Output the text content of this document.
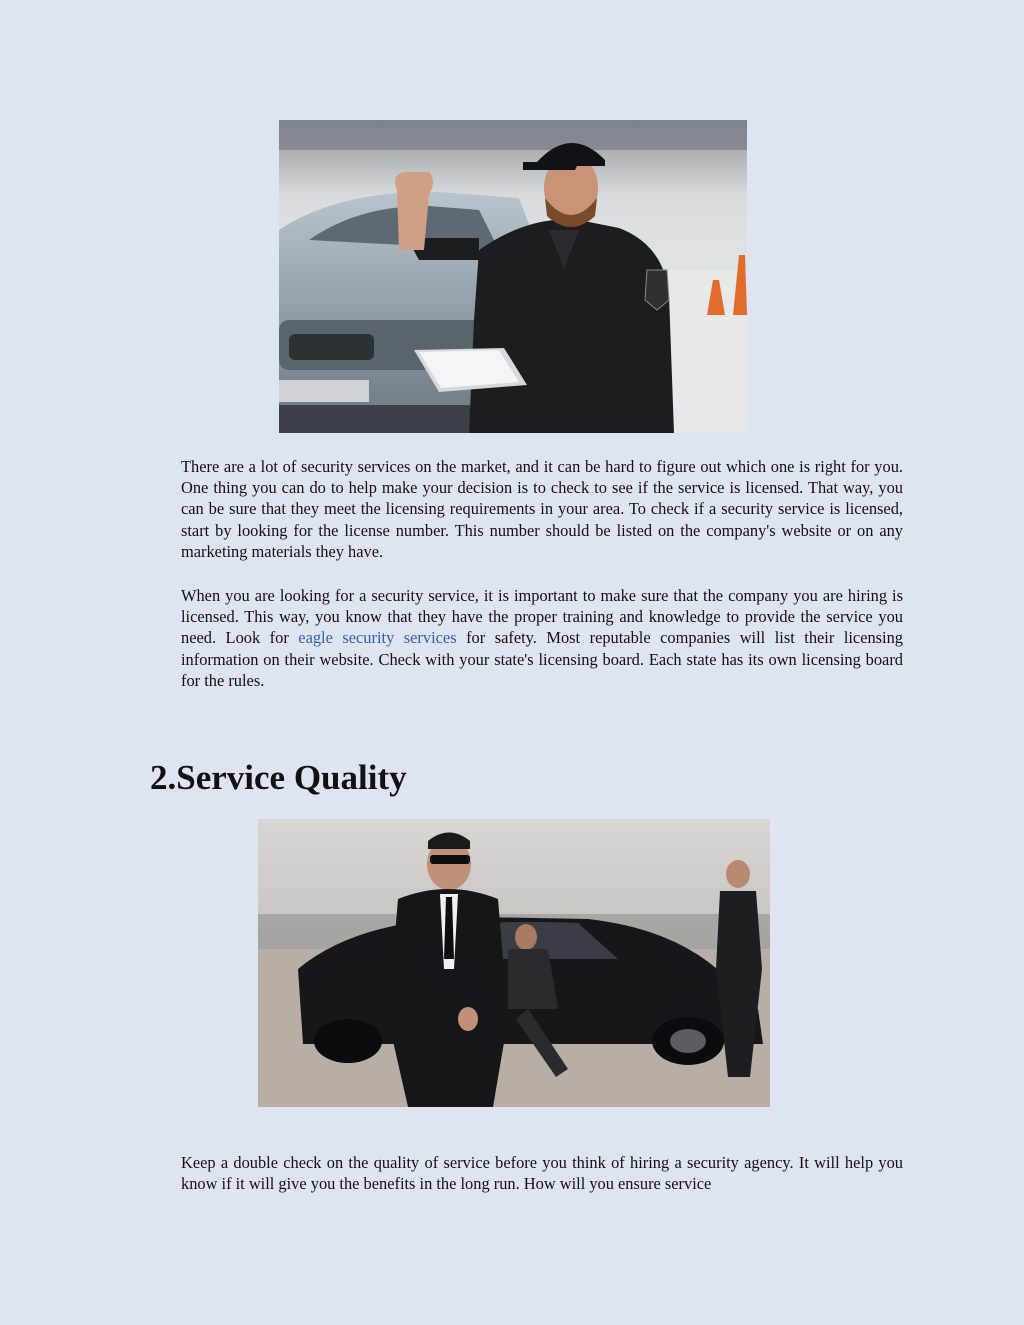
There are a lot of security services on the market, and it can be hard to figure out which one is right for you. One thing you can do to help make your decision is to check to see if the service is licensed. That way, you can be sure that they meet the licensing requirements in your area. To check if a security service is licensed, start by looking for the license number. This number should be listed on the company's website or on any marketing materials they have.

When you are looking for a security service, it is important to make sure that the company you are hiring is licensed. This way, you know that they have the proper training and knowledge to provide the service you need. Look for eagle security services for safety. Most reputable companies will list their licensing information on their website. Check with your state's licensing board. Each state has its own licensing board for the rules.

2.Service Quality

Keep a double check on the quality of service before you think of hiring a security agency. It will help you know if it will give you the benefits in the long run. How will you ensure service
